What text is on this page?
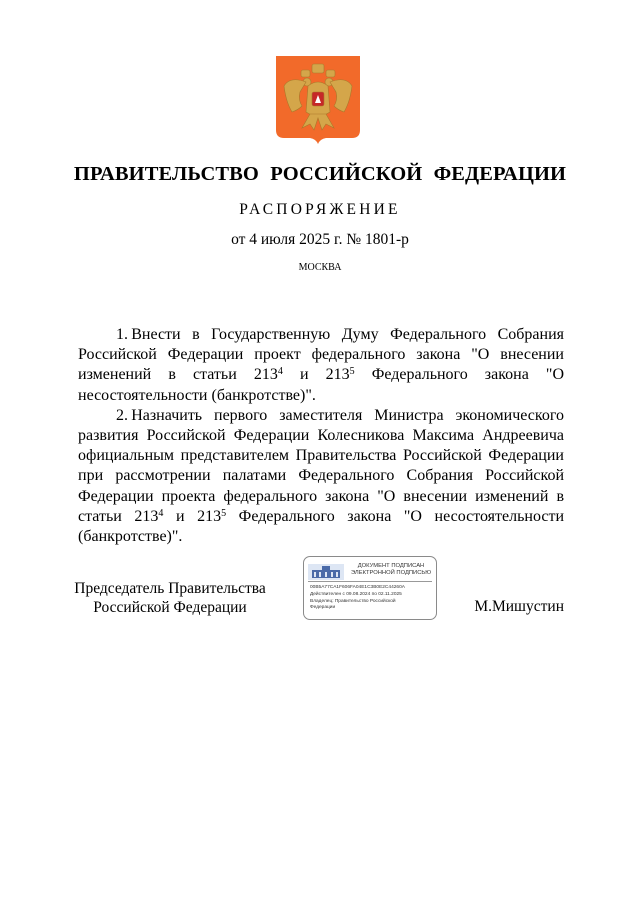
ПРАВИТЕЛЬСТВО РОССИЙСКОЙ ФЕДЕРАЦИИ
РАСПОРЯЖЕНИЕ
от 4 июля 2025 г. № 1801-р
МОСКВА

1.  Внести в Государственную Думу Федерального Собрания Российской Федерации проект федерального закона "О внесении изменений в статьи $213^4$ и $213^5$ Федерального закона "О несостоятельности (банкротстве)".

2.  Назначить первого заместителя Министра экономического развития Российской Федерации Колесникова Максима Андреевича официальным представителем Правительства Российской Федерации при рассмотрении палатами Федерального Собрания Российской Федерации проекта федерального закона "О внесении изменений в статьи $213^4$ и $213^5$ Федерального закона "О несостоятельности (банкротстве)".

Председатель Правительства
Российской Федерации
ДОКУМЕНТ ПОДПИСАН
ЭЛЕКТРОННОЙ ПОДПИСЬЮ
00B5A77CA1F606FA04E1C3B0E2C44260A
Действителен с 09.08.2024 по 02.11.2025
Владелец: Правительство Российской
Федерации	М.Мишустин
